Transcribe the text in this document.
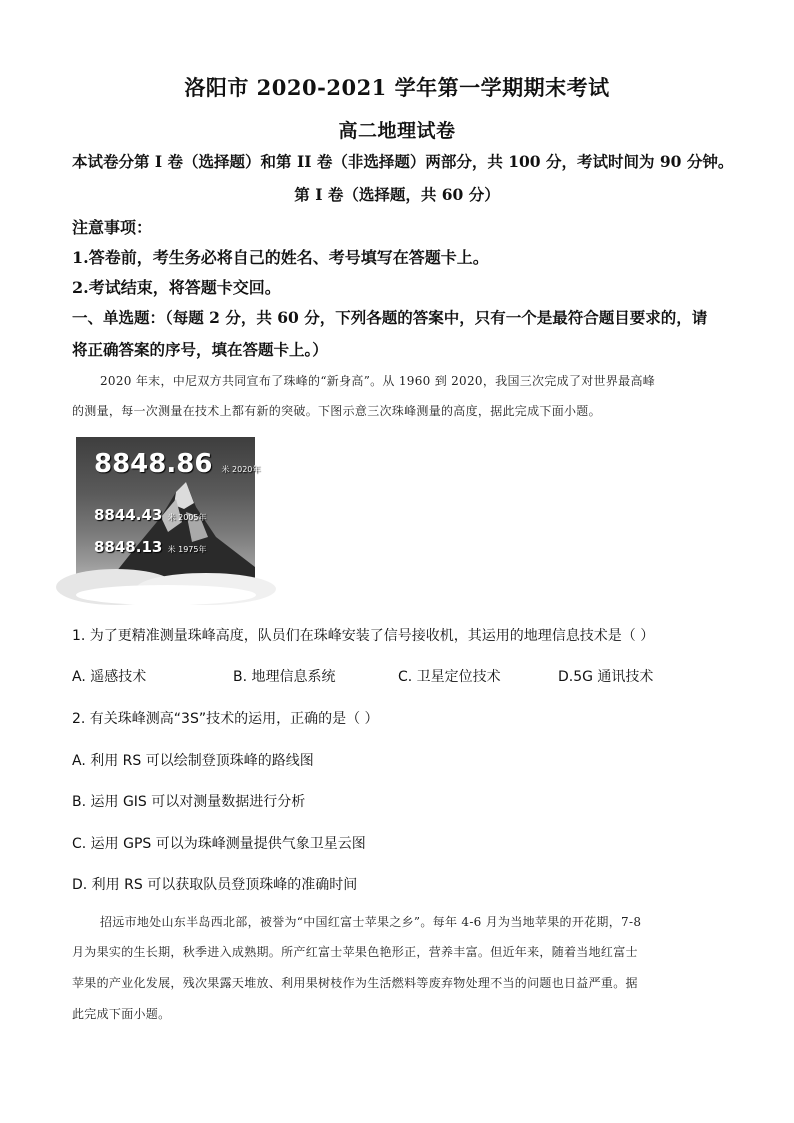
洛阳市 2020-2021 学年第一学期期末考试
高二地理试卷
本试卷分第 I 卷（选择题）和第 II 卷（非选择题）两部分，共 100 分，考试时间为 90 分钟。
第 I 卷（选择题，共 60 分）
注意事项：
1.答卷前，考生务必将自己的姓名、考号填写在答题卡上。
2.考试结束，将答题卡交回。
一、单选题：（每题 2 分，共 60 分，下列各题的答案中，只有一个是最符合题目要求的，请
将正确答案的序号，填在答题卡上。）
2020 年末，中尼双方共同宣布了珠峰的“新身高”。从 1960 到 2020，我国三次完成了对世界最高峰
的测量，每一次测量在技术上都有新的突破。下图示意三次珠峰测量的高度，据此完成下面小题。
8848.86 米 2020年
8844.43 米 2005年
8848.13 米 1975年
1. 为了更精准测量珠峰高度，队员们在珠峰安装了信号接收机，其运用的地理信息技术是（ ）
A. 遥感技术	B. 地理信息系统	C. 卫星定位技术	D.5G 通讯技术
2. 有关珠峰测高“3S”技术的运用，正确的是（ ）
A. 利用 RS 可以绘制登顶珠峰的路线图
B. 运用 GIS 可以对测量数据进行分析
C. 运用 GPS 可以为珠峰测量提供气象卫星云图
D. 利用 RS 可以获取队员登顶珠峰的准确时间
招远市地处山东半岛西北部，被誉为“中国红富士苹果之乡”。每年 4-6 月为当地苹果的开花期，7-8
月为果实的生长期，秋季进入成熟期。所产红富士苹果色艳形正，营养丰富。但近年来，随着当地红富士
苹果的产业化发展，残次果露天堆放、利用果树枝作为生活燃料等废弃物处理不当的问题也日益严重。据
此完成下面小题。
